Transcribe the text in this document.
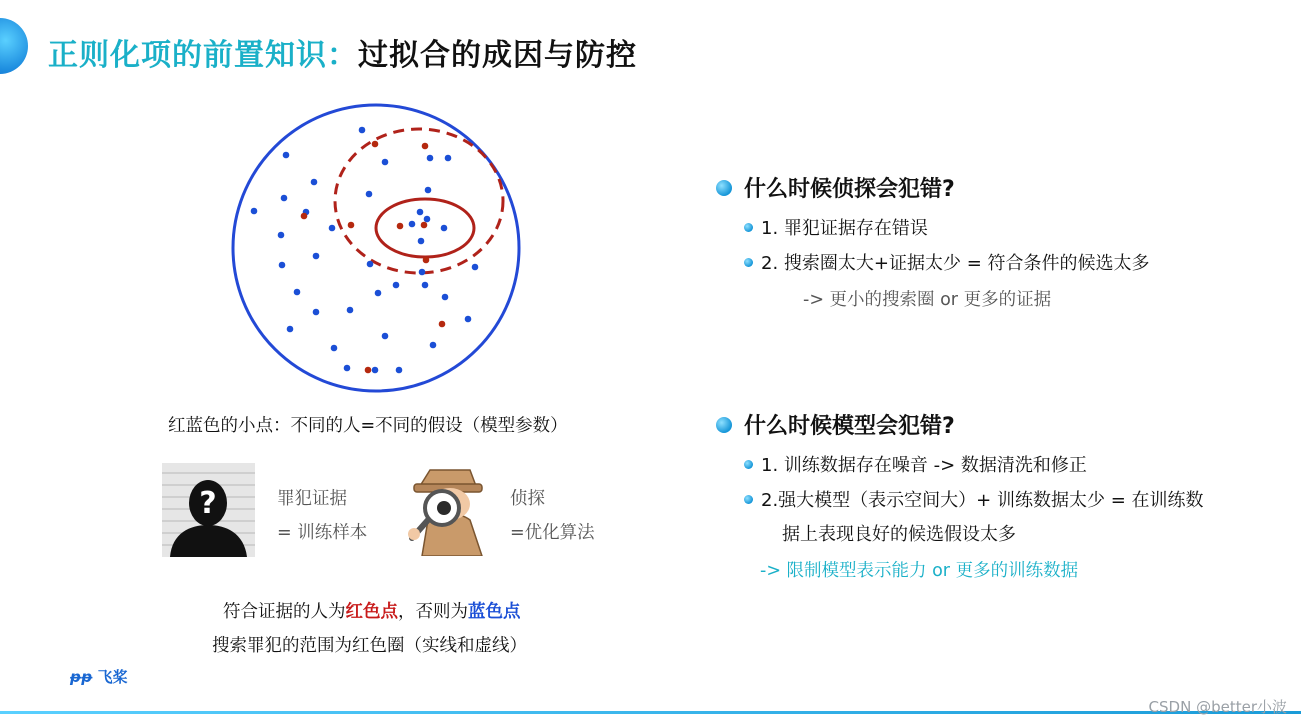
正则化项的前置知识：过拟合的成因与防控
红蓝色的小点：不同的人=不同的假设（模型参数）
?	罪犯证据
= 训练样本
侦探
=优化算法
符合证据的人为红色点，否则为蓝色点
搜索罪犯的范围为红色圈（实线和虚线）
ᵽᵽ 飞桨
什么时候侦探会犯错?
1. 罪犯证据存在错误
2. 搜索圈太大+证据太少 = 符合条件的候选太多
-> 更小的搜索圈 or 更多的证据
什么时候模型会犯错?
1. 训练数据存在噪音 -> 数据清洗和修正
2.强大模型（表示空间大）+ 训练数据太少 = 在训练数
据上表现良好的候选假设太多
-> 限制模型表示能力 or 更多的训练数据
CSDN @better小波
